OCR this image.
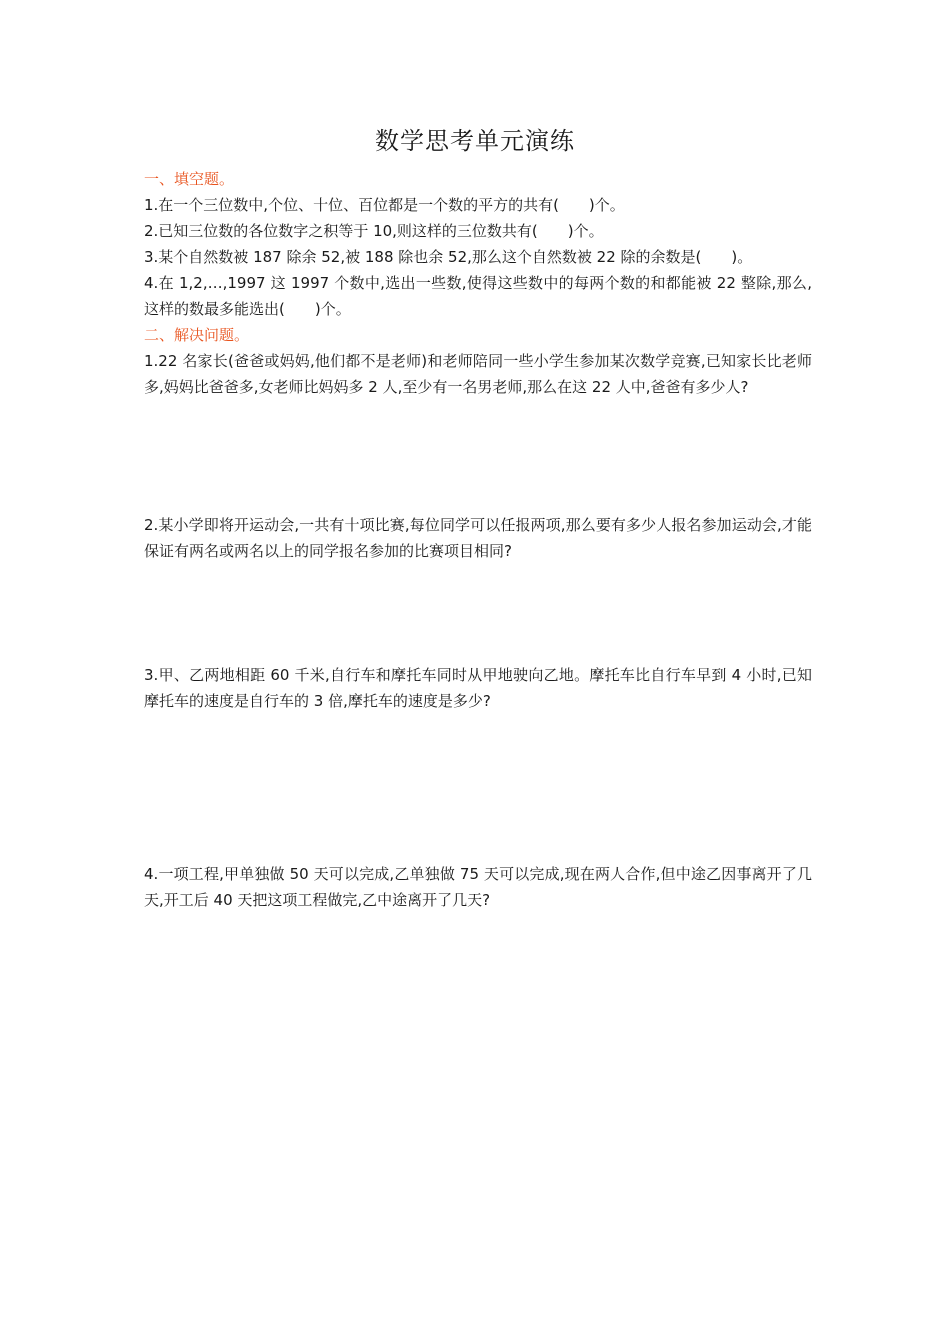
数学思考单元演练
一、填空题。

1.在一个三位数中,个位、十位、百位都是一个数的平方的共有(　　)个。

2.已知三位数的各位数字之积等于 10,则这样的三位数共有(　　)个。

3.某个自然数被 187 除余 52,被 188 除也余 52,那么这个自然数被 22 除的余数是(　　)。

4.在 1,2,…,1997 这 1997 个数中,选出一些数,使得这些数中的每两个数的和都能被 22 整除,那么,这样的数最多能选出(　　)个。

二、解决问题。

1.22 名家长(爸爸或妈妈,他们都不是老师)和老师陪同一些小学生参加某次数学竞赛,已知家长比老师多,妈妈比爸爸多,女老师比妈妈多 2 人,至少有一名男老师,那么在这 22 人中,爸爸有多少人?

2.某小学即将开运动会,一共有十项比赛,每位同学可以任报两项,那么要有多少人报名参加运动会,才能保证有两名或两名以上的同学报名参加的比赛项目相同?

3.甲、乙两地相距 60 千米,自行车和摩托车同时从甲地驶向乙地。摩托车比自行车早到 4 小时,已知摩托车的速度是自行车的 3 倍,摩托车的速度是多少?

4.一项工程,甲单独做 50 天可以完成,乙单独做 75 天可以完成,现在两人合作,但中途乙因事离开了几天,开工后 40 天把这项工程做完,乙中途离开了几天?
